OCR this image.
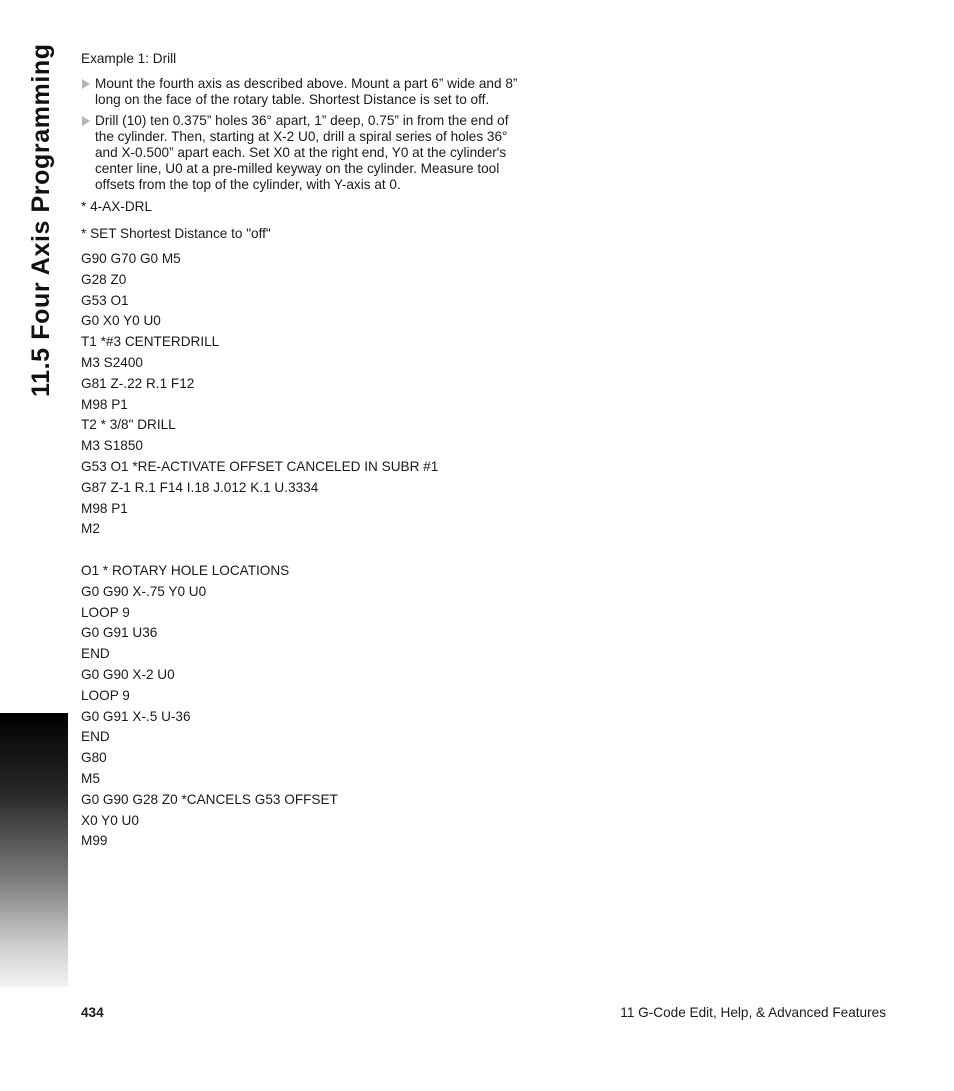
11.5 Four Axis Programming Example 1: Drill
Mount the fourth axis as described above. Mount a part 6” wide and 8” long on the face of the rotary table. Shortest Distance is set to off.
Drill (10) ten 0.375” holes 36° apart, 1” deep, 0.75” in from the end of the cylinder. Then, starting at X-2 U0, drill a spiral series of holes 36° and X-0.500” apart each. Set X0 at the right end, Y0 at the cylinder's center line, U0 at a pre-milled keyway on the cylinder. Measure tool offsets from the top of the cylinder, with Y-axis at 0.
* 4-AX-DRL
* SET Shortest Distance to "off"
G90 G70 G0 M5
G28 Z0
G53 O1
G0 X0 Y0 U0
T1 *#3 CENTERDRILL
M3 S2400
G81 Z-.22 R.1 F12
M98 P1
T2 * 3/8" DRILL
M3 S1850
G53 O1 *RE-ACTIVATE OFFSET CANCELED IN SUBR #1
G87 Z-1 R.1 F14 I.18 J.012 K.1 U.3334
M98 P1
M2
O1 * ROTARY HOLE LOCATIONS
G0 G90 X-.75 Y0 U0
LOOP 9
G0 G91 U36
END
G0 G90 X-2 U0
LOOP 9
G0 G91 X-.5 U-36
END
G80
M5
G0 G90 G28 Z0 *CANCELS G53 OFFSET
X0 Y0 U0
M99
434	11 G-Code Edit, Help, & Advanced Features
